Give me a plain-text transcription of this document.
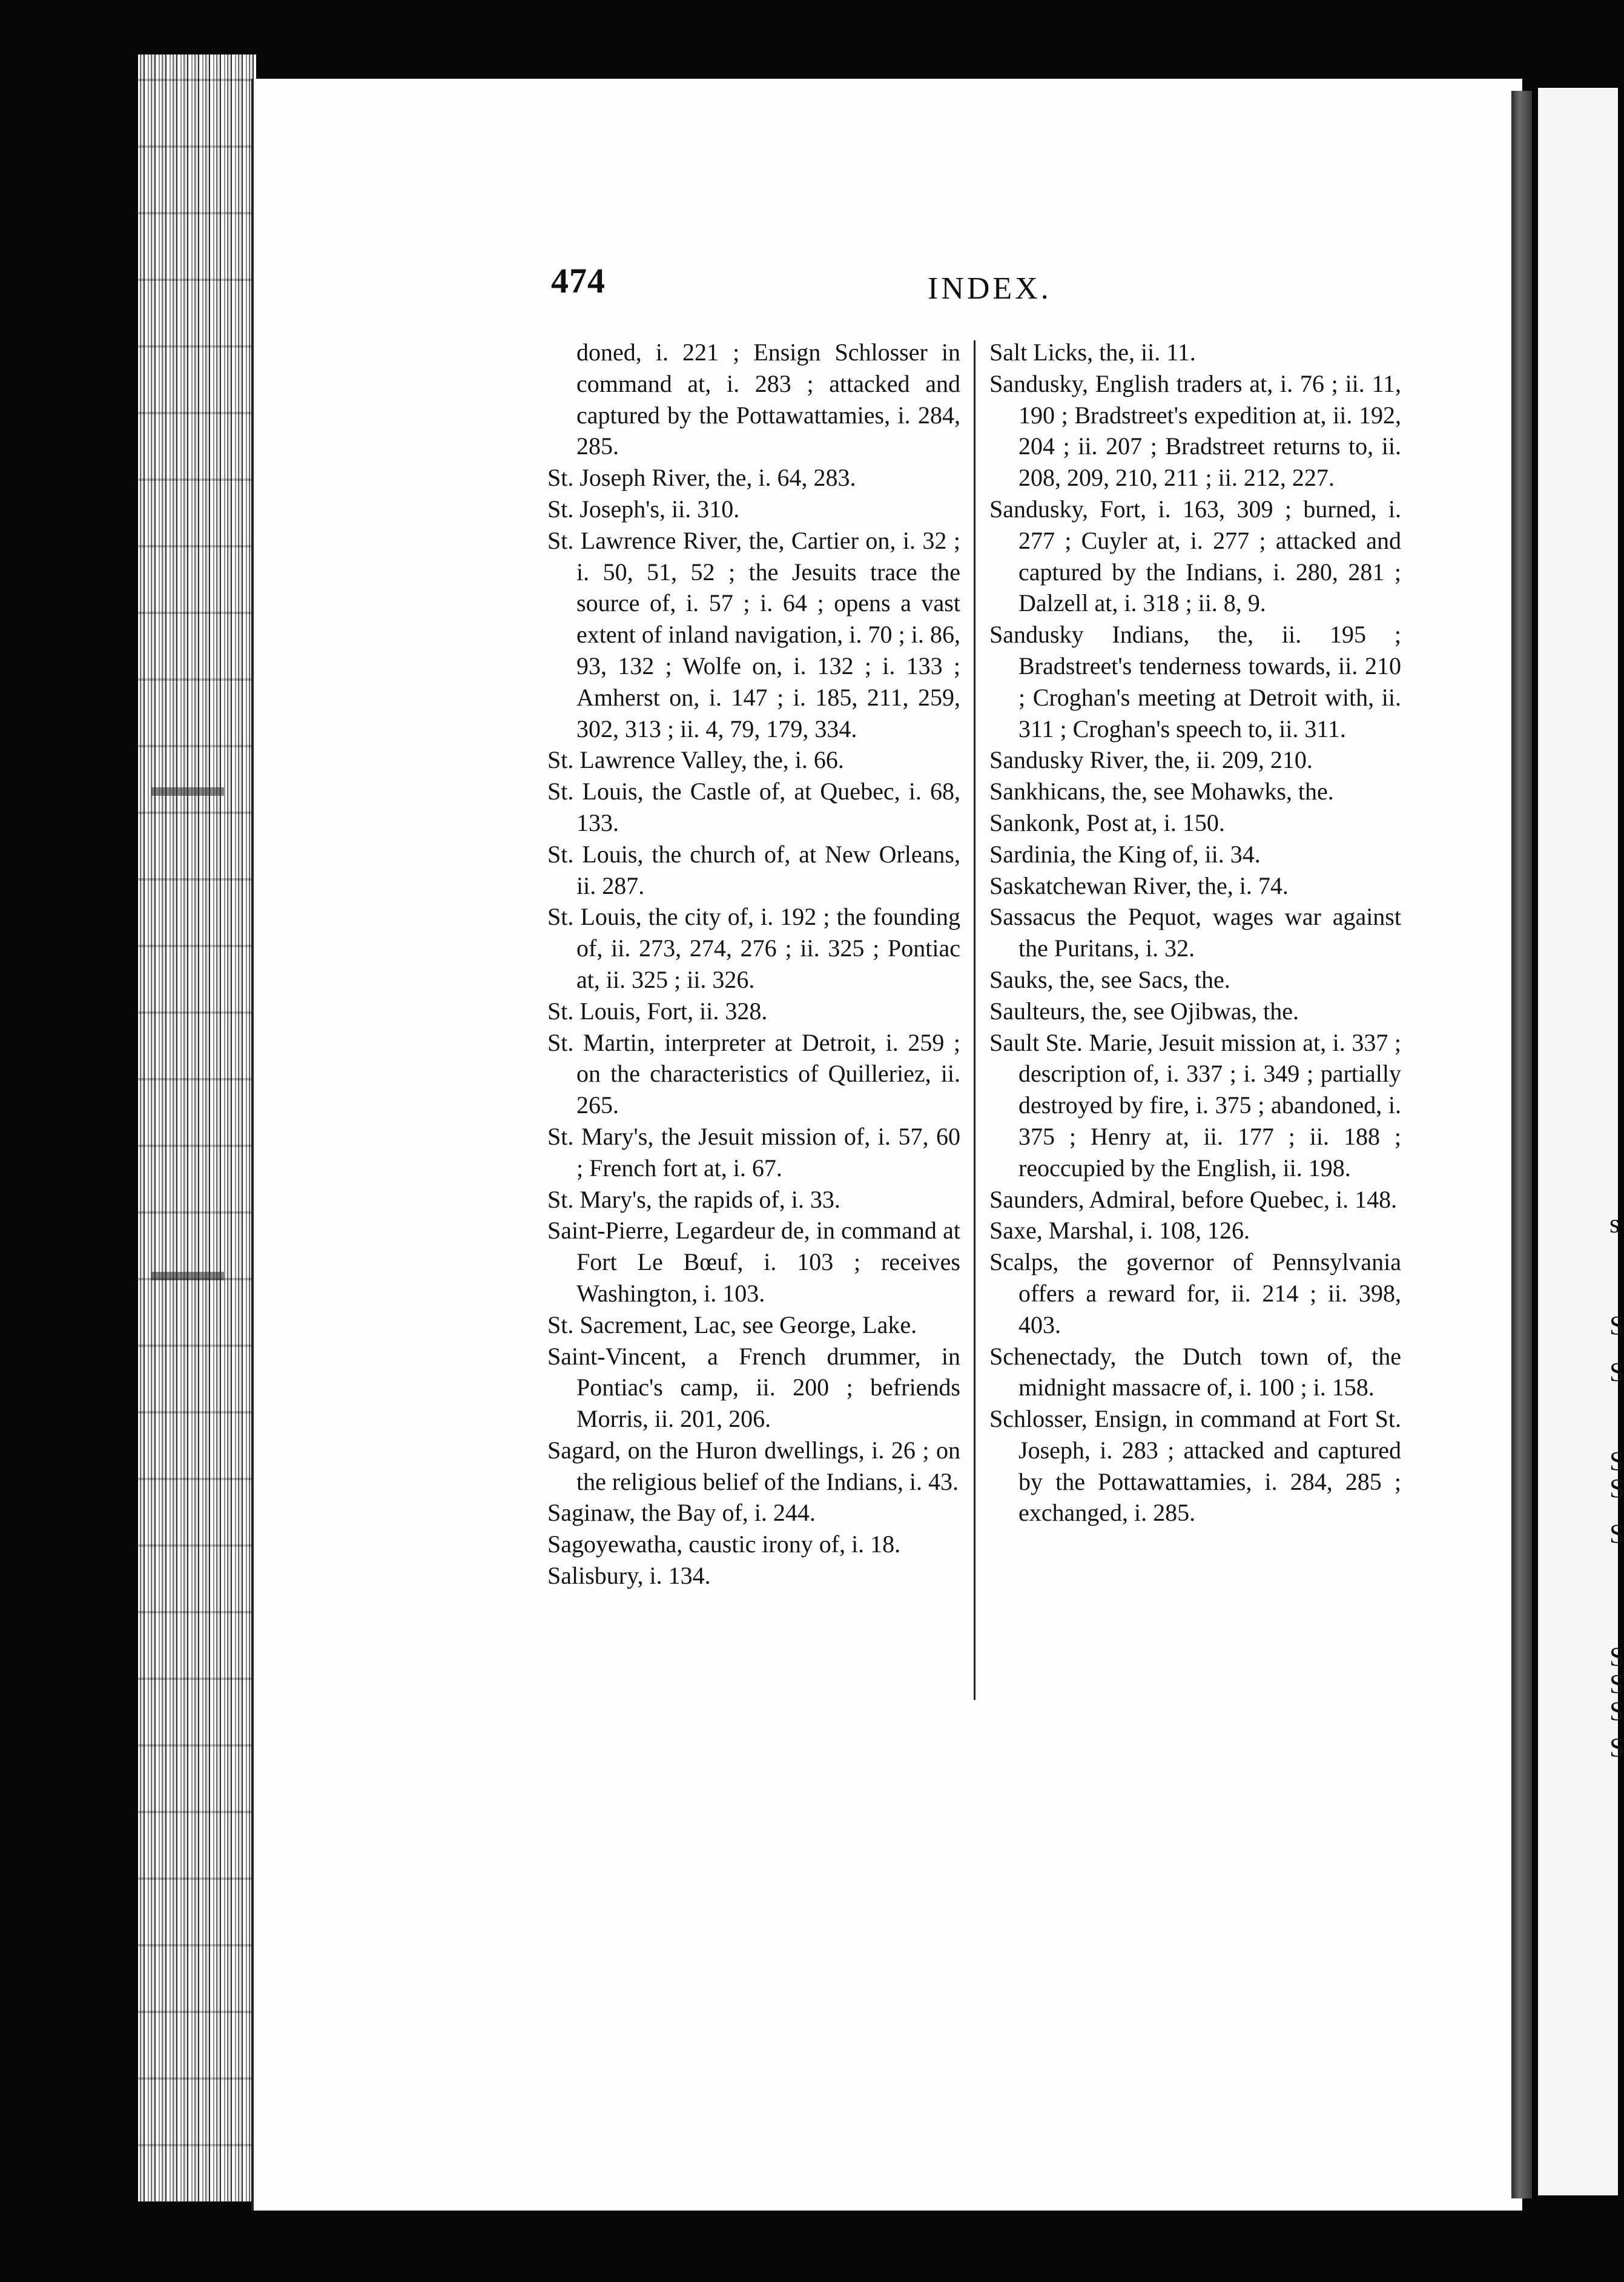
s
S
S
S
S
S
S
S
S
S
474	INDEX.
doned, i. 221 ; Ensign Schlosser in command at, i. 283 ; attacked and captured by the Pottawattamies, i. 284, 285.
St. Joseph River, the, i. 64, 283.
St. Joseph's, ii. 310.
St. Lawrence River, the, Cartier on, i. 32 ; i. 50, 51, 52 ; the Jesuits trace the source of, i. 57 ; i. 64 ; opens a vast extent of inland navigation, i. 70 ; i. 86, 93, 132 ; Wolfe on, i. 132 ; i. 133 ; Amherst on, i. 147 ; i. 185, 211, 259, 302, 313 ; ii. 4, 79, 179, 334.
St. Lawrence Valley, the, i. 66.
St. Louis, the Castle of, at Quebec, i. 68, 133.
St. Louis, the church of, at New Orleans, ii. 287.
St. Louis, the city of, i. 192 ; the founding of, ii. 273, 274, 276 ; ii. 325 ; Pontiac at, ii. 325 ; ii. 326.
St. Louis, Fort, ii. 328.
St. Martin, interpreter at Detroit, i. 259 ; on the characteristics of Quilleriez, ii. 265.
St. Mary's, the Jesuit mission of, i. 57, 60 ; French fort at, i. 67.
St. Mary's, the rapids of, i. 33.
Saint-Pierre, Legardeur de, in command at Fort Le Bœuf, i. 103 ; receives Washington, i. 103.
St. Sacrement, Lac, see George, Lake.
Saint-Vincent, a French drummer, in Pontiac's camp, ii. 200 ; befriends Morris, ii. 201, 206.
Sagard, on the Huron dwellings, i. 26 ; on the religious belief of the Indians, i. 43.
Saginaw, the Bay of, i. 244.
Sagoyewatha, caustic irony of, i. 18.
Salisbury, i. 134.
Salt Licks, the, ii. 11.
Sandusky, English traders at, i. 76 ; ii. 11, 190 ; Bradstreet's expedition at, ii. 192, 204 ; ii. 207 ; Bradstreet returns to, ii. 208, 209, 210, 211 ; ii. 212, 227.
Sandusky, Fort, i. 163, 309 ; burned, i. 277 ; Cuyler at, i. 277 ; attacked and captured by the Indians, i. 280, 281 ; Dalzell at, i. 318 ; ii. 8, 9.
Sandusky Indians, the, ii. 195 ; Bradstreet's tenderness towards, ii. 210 ; Croghan's meeting at Detroit with, ii. 311 ; Croghan's speech to, ii. 311.
Sandusky River, the, ii. 209, 210.
Sankhicans, the, see Mohawks, the.
Sankonk, Post at, i. 150.
Sardinia, the King of, ii. 34.
Saskatchewan River, the, i. 74.
Sassacus the Pequot, wages war against the Puritans, i. 32.
Sauks, the, see Sacs, the.
Saulteurs, the, see Ojibwas, the.
Sault Ste. Marie, Jesuit mission at, i. 337 ; description of, i. 337 ; i. 349 ; partially destroyed by fire, i. 375 ; abandoned, i. 375 ; Henry at, ii. 177 ; ii. 188 ; reoccupied by the English, ii. 198.
Saunders, Admiral, before Quebec, i. 148.
Saxe, Marshal, i. 108, 126.
Scalps, the governor of Pennsylvania offers a reward for, ii. 214 ; ii. 398, 403.
Schenectady, the Dutch town of, the midnight massacre of, i. 100 ; i. 158.
Schlosser, Ensign, in command at Fort St. Joseph, i. 283 ; attacked and captured by the Pottawattamies, i. 284, 285 ; exchanged, i. 285.
